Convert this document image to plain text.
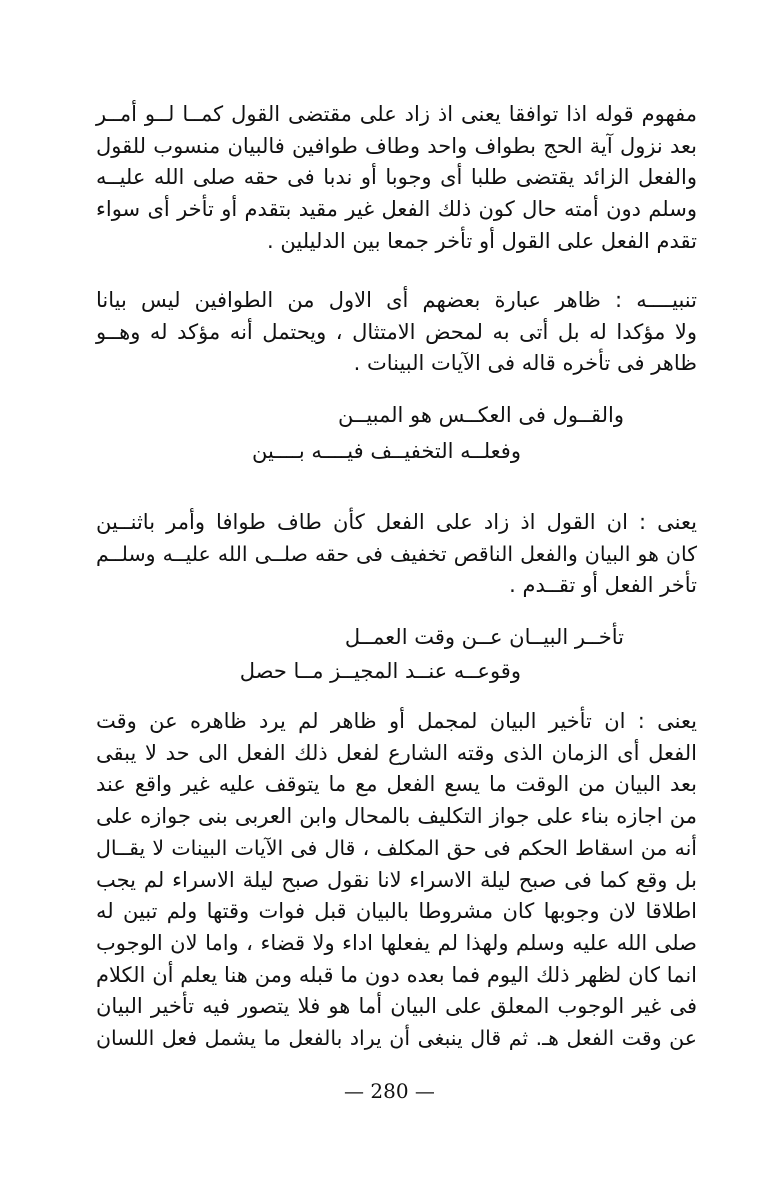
مفهوم قوله اذا توافقا يعنى اذ زاد على مقتضى القول كمــا لــو أمــر
بعد نزول آية الحج بطواف واحد وطاف طوافين فالبيان منسوب للقول
والفعل الزائد يقتضى طلبا أى وجوبا أو ندبا فى حقه صلى الله عليــه
وسلم دون أمته حال كون ذلك الفعل غير مقيد بتقدم أو تأخر أى سواء
تقدم الفعل على القول أو تأخر جمعا بين الدليلين .

تنبيــــه : ظاهر عبارة بعضهم أى الاول من الطوافين ليس بيانا
ولا مؤكدا له بل أتى به لمحض الامتثال ، ويحتمل أنه مؤكد له وهــو
ظاهر فى تأخره قاله فى الآيات البينات .

والقــول فى العكــس هو المبيــن
وفعلــه التخفيــف فيــــه بــــين

يعنى : ان القول اذ زاد على الفعل كأن طاف طوافا وأمر باثنــين
كان هو البيان والفعل الناقص تخفيف فى حقه صلــى الله عليــه وسلــم
تأخر الفعل أو تقــدم .

تأخــر البيــان عــن وقت العمــل
وقوعــه عنــد المجيــز مــا حصل

يعنى : ان تأخير البيان لمجمل أو ظاهر لم يرد ظاهره عن وقت
الفعل أى الزمان الذى وقته الشارع لفعل ذلك الفعل الى حد لا يبقى
بعد البيان من الوقت ما يسع الفعل مع ما يتوقف عليه غير واقع عند
من اجازه بناء على جواز التكليف بالمحال وابن العربى بنى جوازه على
أنه من اسقاط الحكم فى حق المكلف ، قال فى الآيات البينات لا يقــال
بل وقع كما فى صبح ليلة الاسراء لانا نقول صبح ليلة الاسراء لم يجب
اطلاقا لان وجوبها كان مشروطا بالبيان قبل فوات وقتها ولم تبين له
صلى الله عليه وسلم ولهذا لم يفعلها اداء ولا قضاء ، واما لان الوجوب
انما كان لظهر ذلك اليوم فما بعده دون ما قبله ومن هنا يعلم أن الكلام
فى غير الوجوب المعلق على البيان أما هو فلا يتصور فيه تأخير البيان
عن وقت الفعل هـ. ثم قال ينبغى أن يراد بالفعل ما يشمل فعل اللسان

— 280 —
